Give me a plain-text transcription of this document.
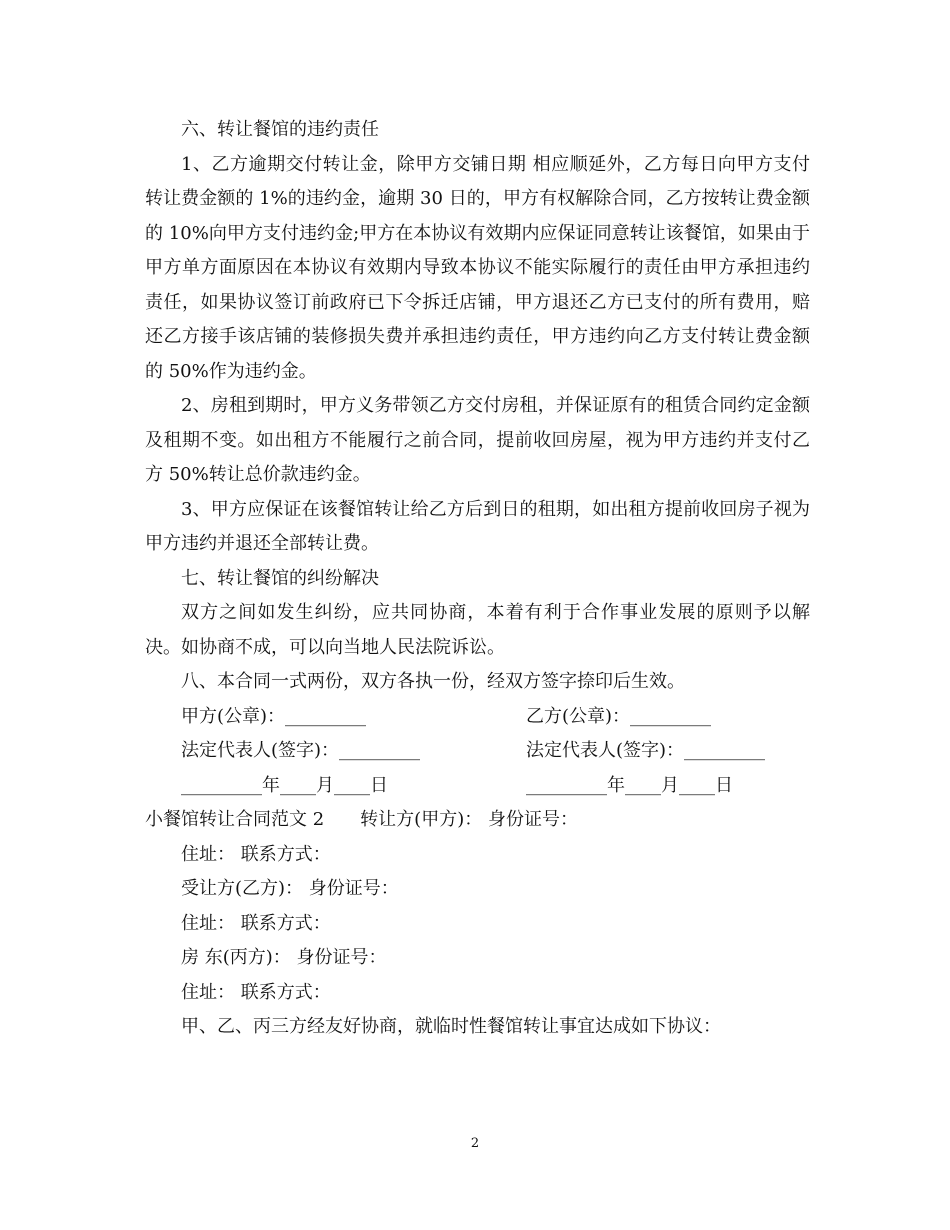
六、转让餐馆的违约责任

1、乙方逾期交付转让金，除甲方交铺日期 相应顺延外，乙方每日向甲方支付转让费金额的 1%的违约金，逾期 30 日的，甲方有权解除合同，乙方按转让费金额的 10%向甲方支付违约金;甲方在本协议有效期内应保证同意转让该餐馆，如果由于甲方单方面原因在本协议有效期内导致本协议不能实际履行的责任由甲方承担违约责任，如果协议签订前政府已下令拆迁店铺，甲方退还乙方已支付的所有费用，赔还乙方接手该店铺的装修损失费并承担违约责任，甲方违约向乙方支付转让费金额的 50%作为违约金。

2、房租到期时，甲方义务带领乙方交付房租，并保证原有的租赁合同约定金额及租期不变。如出租方不能履行之前合同，提前收回房屋，视为甲方违约并支付乙方 50%转让总价款违约金。

3、甲方应保证在该餐馆转让给乙方后到日的租期，如出租方提前收回房子视为甲方违约并退还全部转让费。

七、转让餐馆的纠纷解决

双方之间如发生纠纷，应共同协商，本着有利于合作事业发展的原则予以解决。如协商不成，可以向当地人民法院诉讼。

八、本合同一式两份，双方各执一份，经双方签字捺印后生效。

甲方(公章)：_________	乙方(公章)：_________
法定代表人(签字)：_________	法定代表人(签字)：_________
_________年____月____日	_________年____月____日

小餐馆转让合同范文 2　　转让方(甲方)： 身份证号：

住址： 联系方式：

受让方(乙方)： 身份证号：

住址： 联系方式：

房 东(丙方)： 身份证号：

住址： 联系方式：

甲、乙、丙三方经友好协商，就临时性餐馆转让事宜达成如下协议：

2
